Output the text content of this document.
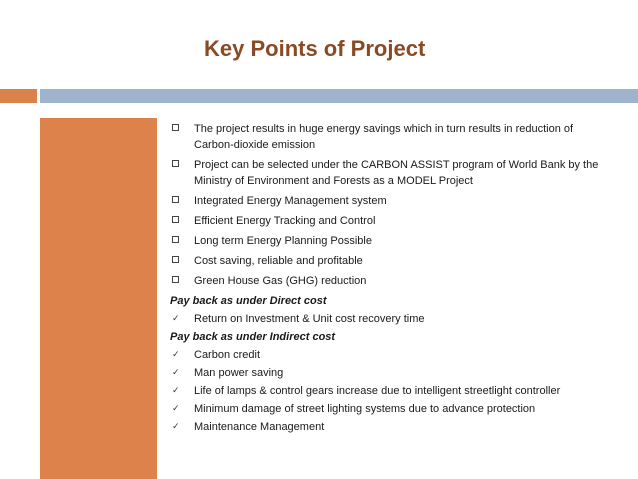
Key Points of Project
The project results in huge energy savings which in turn results in reduction of Carbon-dioxide emission
Project can be selected under the CARBON ASSIST program of World Bank by the Ministry of Environment and Forests as a MODEL Project
Integrated Energy Management system
Efficient Energy Tracking and Control
Long term Energy Planning Possible
Cost saving, reliable and profitable
Green House Gas (GHG) reduction
Pay back as under Direct cost
✓ Return on Investment & Unit cost recovery time
Pay back as under Indirect cost
✓ Carbon credit
✓ Man power saving
✓ Life of lamps & control gears increase due to intelligent streetlight controller
✓ Minimum damage of street lighting systems due to advance protection
✓ Maintenance Management
